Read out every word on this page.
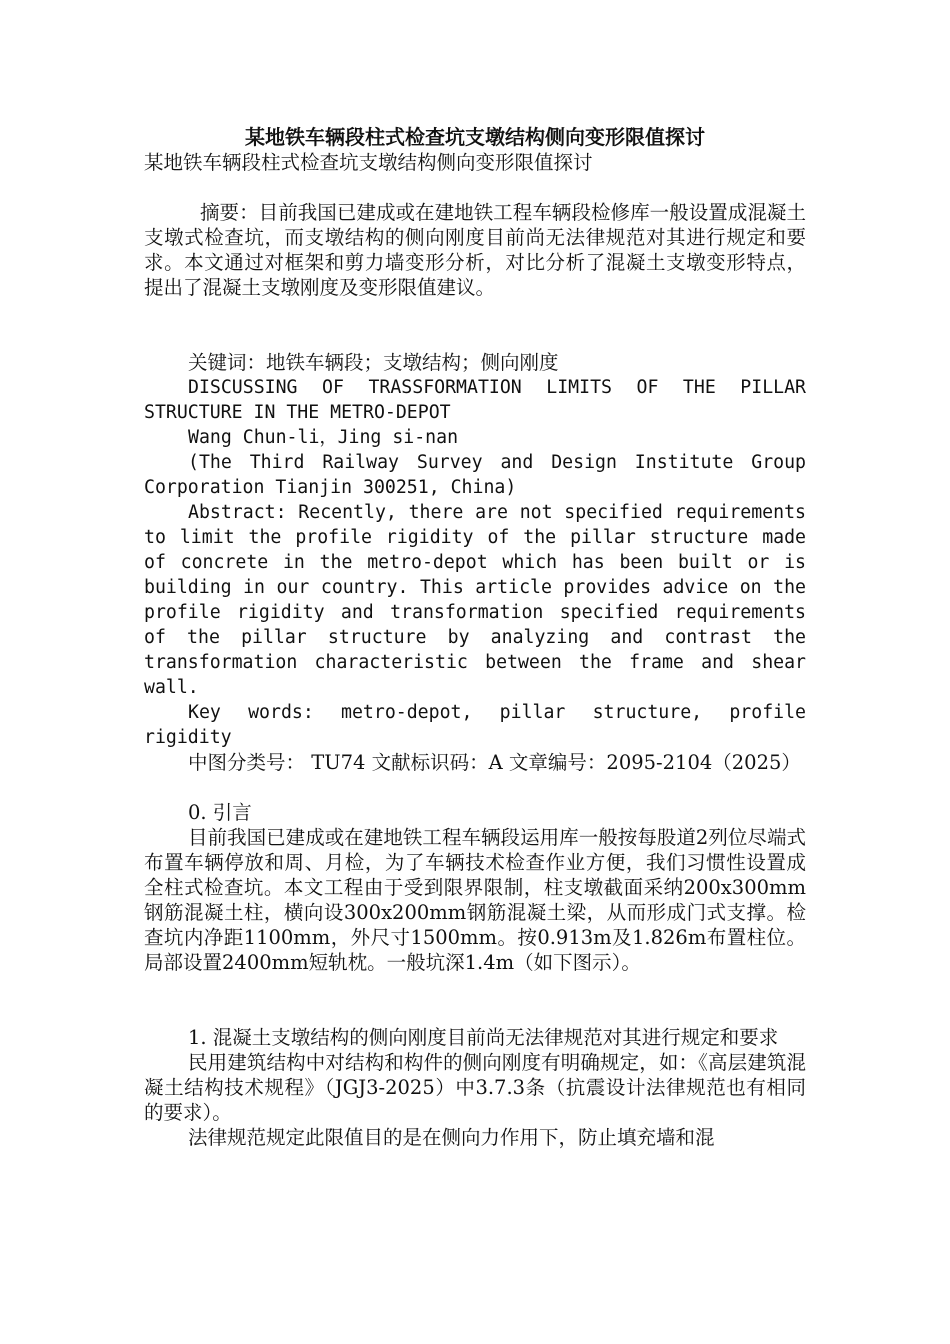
某地铁车辆段柱式检查坑支墩结构侧向变形限值探讨

某地铁车辆段柱式检查坑支墩结构侧向变形限值探讨

摘要：目前我国已建成或在建地铁工程车辆段检修库一般设置成混凝土支墩式检查坑，而支墩结构的侧向刚度目前尚无法律规范对其进行规定和要求。本文通过对框架和剪力墙变形分析，对比分析了混凝土支墩变形特点，提出了混凝土支墩刚度及变形限值建议。

关键词：地铁车辆段；支墩结构；侧向刚度

DISCUSSING OF TRASSFORMATION LIMITS OF THE PILLAR STRUCTURE IN THE METRO-DEPOT

Wang Chun-li，Jing si-nan

(The Third Railway Survey and Design Institute Group Corporation Tianjin 300251, China)

Abstract: Recently, there are not specified requirements to limit the profile rigidity of the pillar structure made of concrete in the metro-depot which has been built or is building in our country. This article provides advice on the profile rigidity and transformation specified requirements of the pillar structure by analyzing and contrast the transformation characteristic between the frame and shear wall.

Key words: metro-depot, pillar structure, profile rigidity

中图分类号： TU74 文献标识码：A 文章编号：2095-2104（2025）

0. 引言

目前我国已建成或在建地铁工程车辆段运用库一般按每股道2列位尽端式布置车辆停放和周、月检，为了车辆技术检查作业方便，我们习惯性设置成全柱式检查坑。本文工程由于受到限界限制，柱支墩截面采纳200x300mm钢筋混凝土柱，横向设300x200mm钢筋混凝土梁，从而形成门式支撑。检查坑内净距1100mm，外尺寸1500mm。按0.913m及1.826m布置柱位。局部设置2400mm短轨枕。一般坑深1.4m（如下图示）。

1. 混凝土支墩结构的侧向刚度目前尚无法律规范对其进行规定和要求

民用建筑结构中对结构和构件的侧向刚度有明确规定，如：《高层建筑混凝土结构技术规程》（JGJ3-2025）中3.7.3条（抗震设计法律规范也有相同的要求）。

法律规范规定此限值目的是在侧向力作用下，防止填充墙和混
